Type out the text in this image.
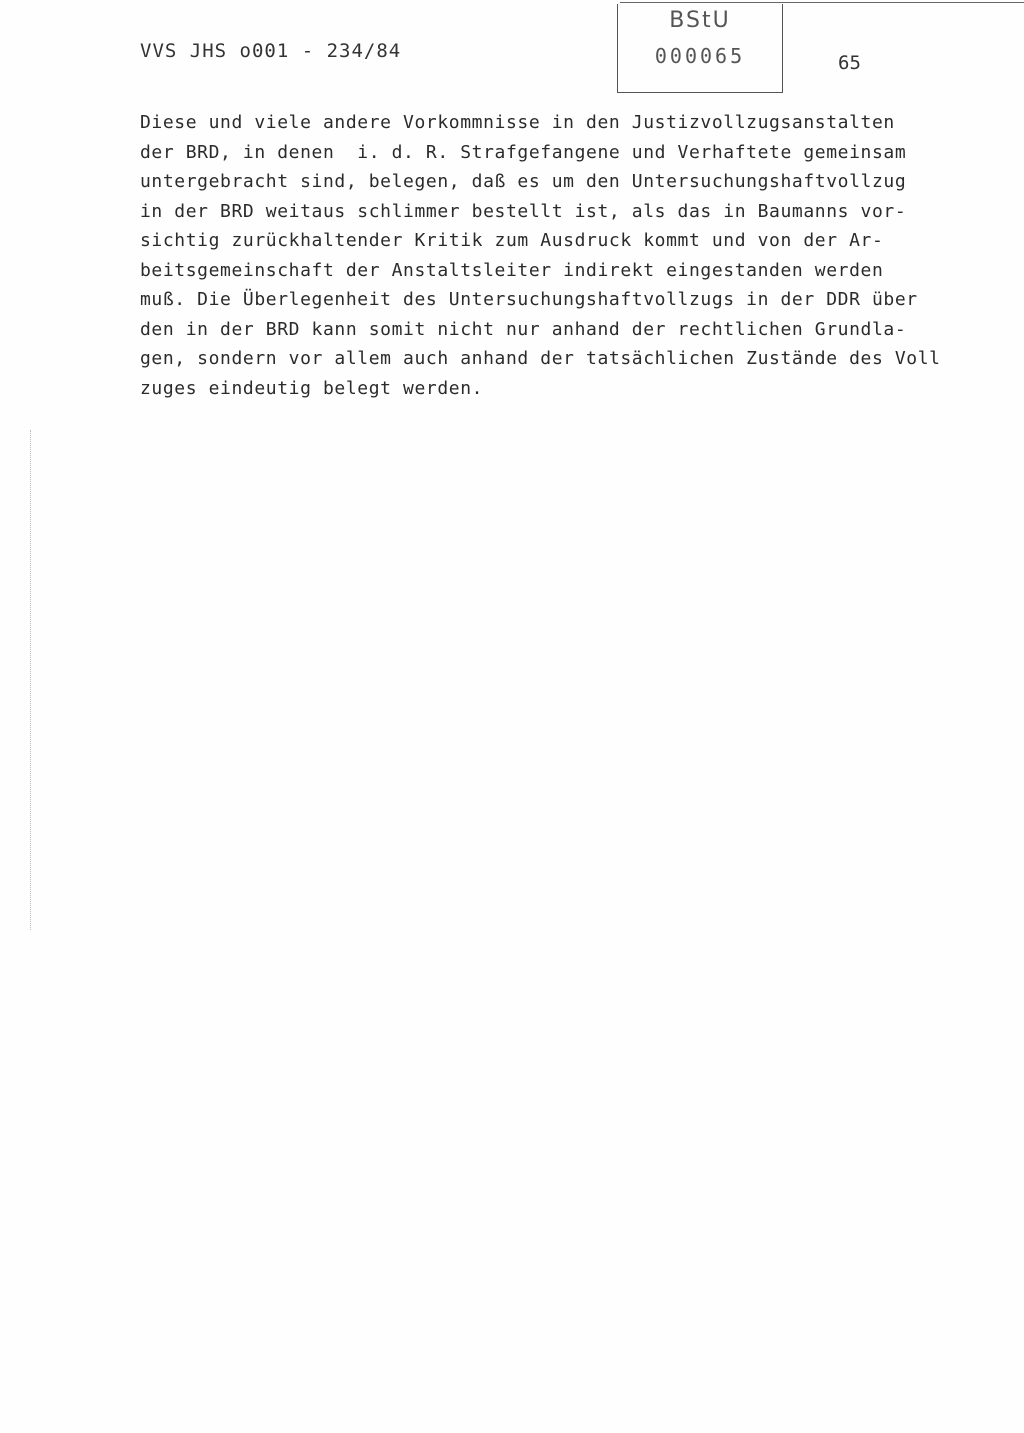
VVS JHS o001 - 234/84
BStU
000065	65
Diese und viele andere Vorkommnisse in den Justizvollzugsanstalten
der BRD, in denen  i. d. R. Strafgefangene und Verhaftete gemeinsam
untergebracht sind, belegen, daß es um den Untersuchungshaftvollzug
in der BRD weitaus schlimmer bestellt ist, als das in Baumanns vor-
sichtig zurückhaltender Kritik zum Ausdruck kommt und von der Ar-
beitsgemeinschaft der Anstaltsleiter indirekt eingestanden werden
muß. Die Überlegenheit des Untersuchungshaftvollzugs in der DDR über
den in der BRD kann somit nicht nur anhand der rechtlichen Grundla-
gen, sondern vor allem auch anhand der tatsächlichen Zustände des Voll
zuges eindeutig belegt werden.
